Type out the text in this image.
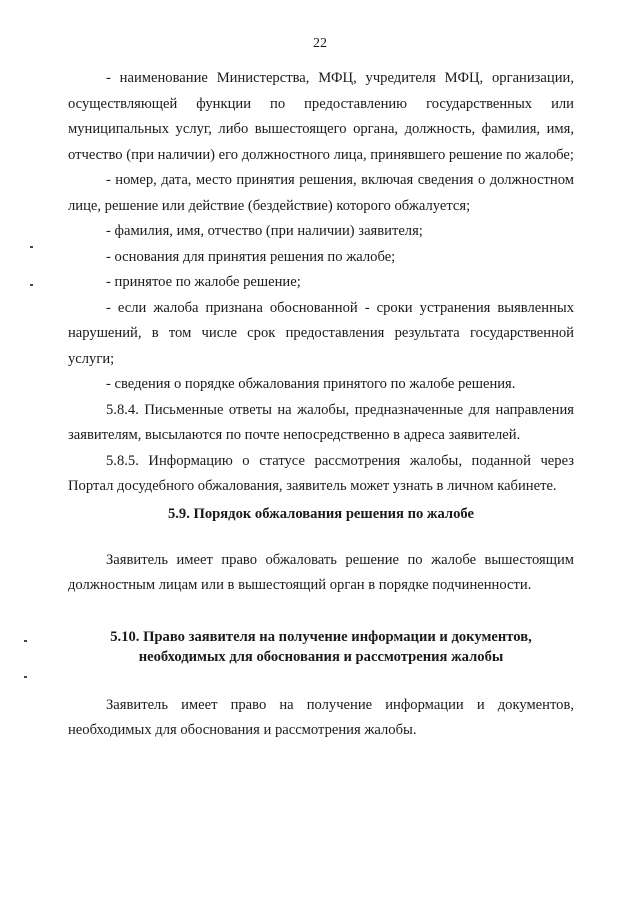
22

- наименование Министерства, МФЦ, учредителя МФЦ, организации, осуществляющей функции по предоставлению государственных или муниципальных услуг, либо вышестоящего органа, должность, фамилия, имя, отчество (при наличии) его должностного лица, принявшего решение по жалобе;

- номер, дата, место принятия решения, включая сведения о должностном лице, решение или действие (бездействие) которого обжалуется;

- фамилия, имя, отчество (при наличии) заявителя;

- основания для принятия решения по жалобе;

- принятое по жалобе решение;

- если жалоба признана обоснованной - сроки устранения выявленных нарушений, в том числе срок предоставления результата государственной услуги;

- сведения о порядке обжалования принятого по жалобе решения.

5.8.4. Письменные ответы на жалобы, предназначенные для направления заявителям, высылаются по почте непосредственно в адреса заявителей.

5.8.5. Информацию о статусе рассмотрения жалобы, поданной через Портал досудебного обжалования, заявитель может узнать в личном кабинете.

5.9. Порядок обжалования решения по жалобе

Заявитель имеет право обжаловать решение по жалобе вышестоящим должностным лицам или в вышестоящий орган в порядке подчиненности.

5.10. Право заявителя на получение информации и документов,
необходимых для обоснования и рассмотрения жалобы

Заявитель имеет право на получение информации и документов, необходимых для обоснования и рассмотрения жалобы.
